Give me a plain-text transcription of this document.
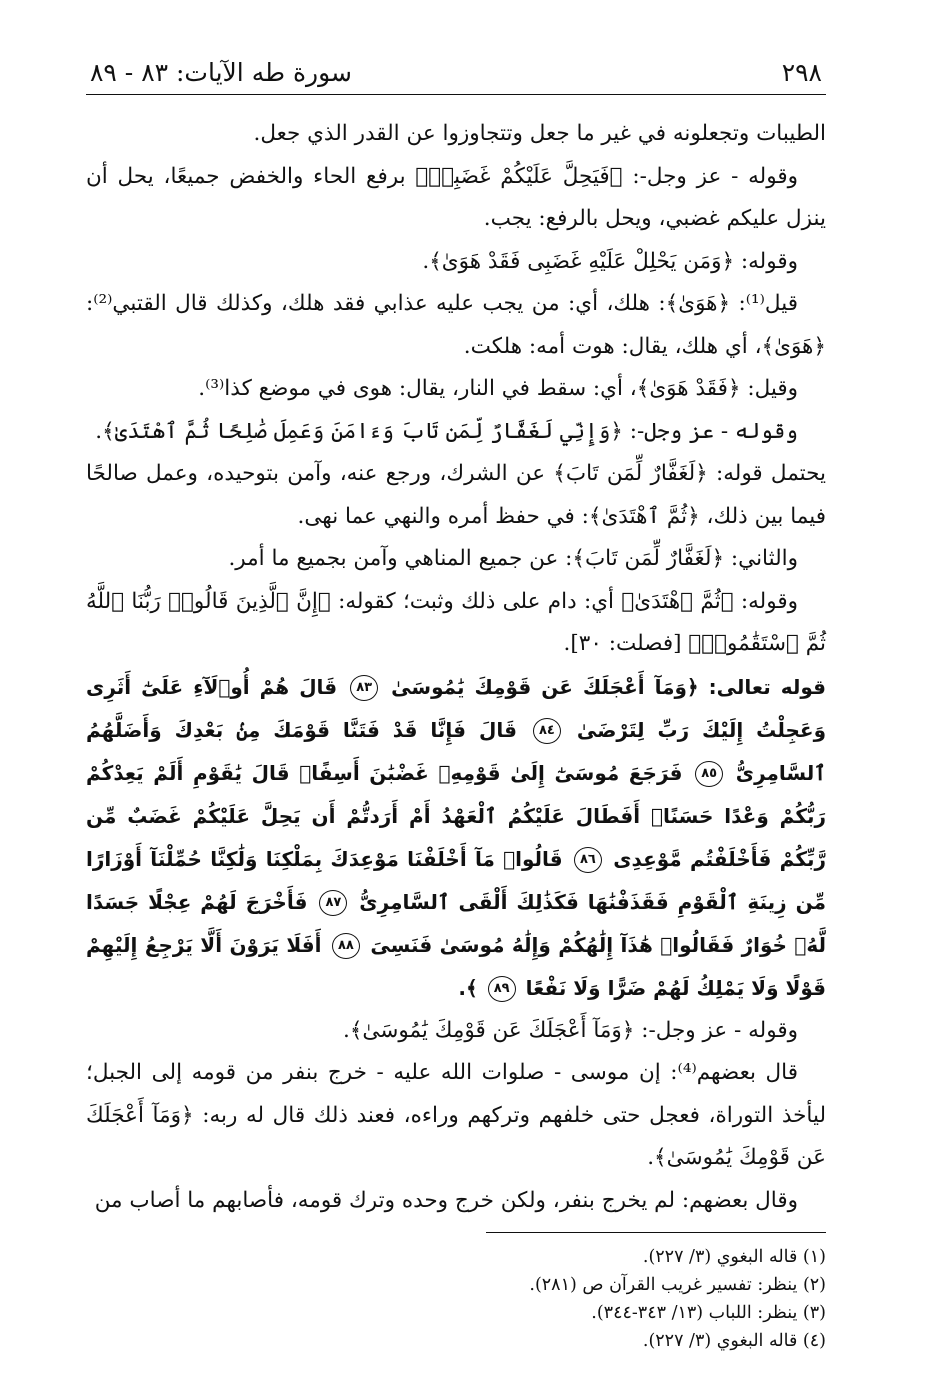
٢٩٨
سورة طه الآيات: ٨٣ - ٨٩

الطيبات وتجعلونه في غير ما جعل وتتجاوزوا عن القدر الذي جعل.

وقوله - عز وجل-: ﴿فَيَحِلَّ عَلَيْكُمْ غَضَبِيۖ﴾ برفع الحاء والخفض جميعًا، يحل أن ينزل عليكم غضبي، ويحل بالرفع: يجب.

وقوله: ﴿وَمَن يَحْلِلْ عَلَيْهِ غَضَبِى فَقَدْ هَوَىٰ﴾.

قيل⁽¹⁾: ﴿هَوَىٰ﴾: هلك، أي: من يجب عليه عذابي فقد هلك، وكذلك قال القتبي⁽²⁾: ﴿هَوَىٰ﴾، أي هلك، يقال: هوت أمه: هلكت.

وقيل: ﴿فَقَدْ هَوَىٰ﴾، أي: سقط في النار، يقال: هوى في موضع كذا⁽³⁾.

وقوله - عز وجل-: ﴿وَإِنِّي لَغَفَّارٌ لِّمَن تَابَ وَءَامَنَ وَعَمِلَ صَٰلِحًا ثُمَّ ٱهْتَدَىٰ﴾.

يحتمل قوله: ﴿لَغَفَّارٌ لِّمَن تَابَ﴾ عن الشرك، ورجع عنه، وآمن بتوحيده، وعمل صالحًا فيما بين ذلك، ﴿ثُمَّ ٱهْتَدَىٰ﴾: في حفظ أمره والنهي عما نهى.

والثاني: ﴿لَغَفَّارٌ لِّمَن تَابَ﴾: عن جميع المناهي وآمن بجميع ما أمر.

وقوله: ﴿ثُمَّ ٱهْتَدَىٰ﴾ أي: دام على ذلك وثبت؛ كقوله: ﴿إِنَّ ٱلَّذِينَ قَالُوا۟ رَبُّنَا ٱللَّهُ ثُمَّ ٱسْتَقَٰمُوا۟﴾ [فصلت: ٣٠].

قوله تعالى: ﴿وَمَآ أَعْجَلَكَ عَن قَوْمِكَ يَٰمُوسَىٰ ٨٣ قَالَ هُمْ أُو۟لَآءِ عَلَىٰٓ أَثَرِى وَعَجِلْتُ إِلَيْكَ رَبِّ لِتَرْضَىٰ ٨٤ قَالَ فَإِنَّا قَدْ فَتَنَّا قَوْمَكَ مِنۢ بَعْدِكَ وَأَضَلَّهُمُ ٱلسَّامِرِىُّ ٨٥ فَرَجَعَ مُوسَىٰٓ إِلَىٰ قَوْمِهِۦ غَضْبَٰنَ أَسِفًاۚ قَالَ يَٰقَوْمِ أَلَمْ يَعِدْكُمْ رَبُّكُمْ وَعْدًا حَسَنًاۚ أَفَطَالَ عَلَيْكُمُ ٱلْعَهْدُ أَمْ أَرَدتُّمْ أَن يَحِلَّ عَلَيْكُمْ غَضَبٌ مِّن رَّبِّكُمْ فَأَخْلَفْتُم مَّوْعِدِى ٨٦ قَالُوا۟ مَآ أَخْلَفْنَا مَوْعِدَكَ بِمَلْكِنَا وَلَٰكِنَّا حُمِّلْنَآ أَوْزَارًا مِّن زِينَةِ ٱلْقَوْمِ فَقَذَفْنَٰهَا فَكَذَٰلِكَ أَلْقَى ٱلسَّامِرِىُّ ٨٧ فَأَخْرَجَ لَهُمْ عِجْلًا جَسَدًا لَّهُۥ خُوَارٌ فَقَالُوا۟ هَٰذَآ إِلَٰهُكُمْ وَإِلَٰهُ مُوسَىٰ فَنَسِىَ ٨٨ أَفَلَا يَرَوْنَ أَلَّا يَرْجِعُ إِلَيْهِمْ قَوْلًا وَلَا يَمْلِكُ لَهُمْ ضَرًّا وَلَا نَفْعًا ٨٩ ﴾.

وقوله - عز وجل-: ﴿وَمَآ أَعْجَلَكَ عَن قَوْمِكَ يَٰمُوسَىٰ﴾.

قال بعضهم⁽⁴⁾: إن موسى - صلوات الله عليه - خرج بنفر من قومه إلى الجبل؛ ليأخذ التوراة، فعجل حتى خلفهم وتركهم وراءه، فعند ذلك قال له ربه: ﴿وَمَآ أَعْجَلَكَ عَن قَوْمِكَ يَٰمُوسَىٰ﴾.

وقال بعضهم: لم يخرج بنفر، ولكن خرج وحده وترك قومه، فأصابهم ما أصاب من

(١) قاله البغوي (٣/ ٢٢٧).
(٢) ينظر: تفسير غريب القرآن ص (٢٨١).
(٣) ينظر: اللباب (١٣/ ٣٤٣-٣٤٤).
(٤) قاله البغوي (٣/ ٢٢٧).
